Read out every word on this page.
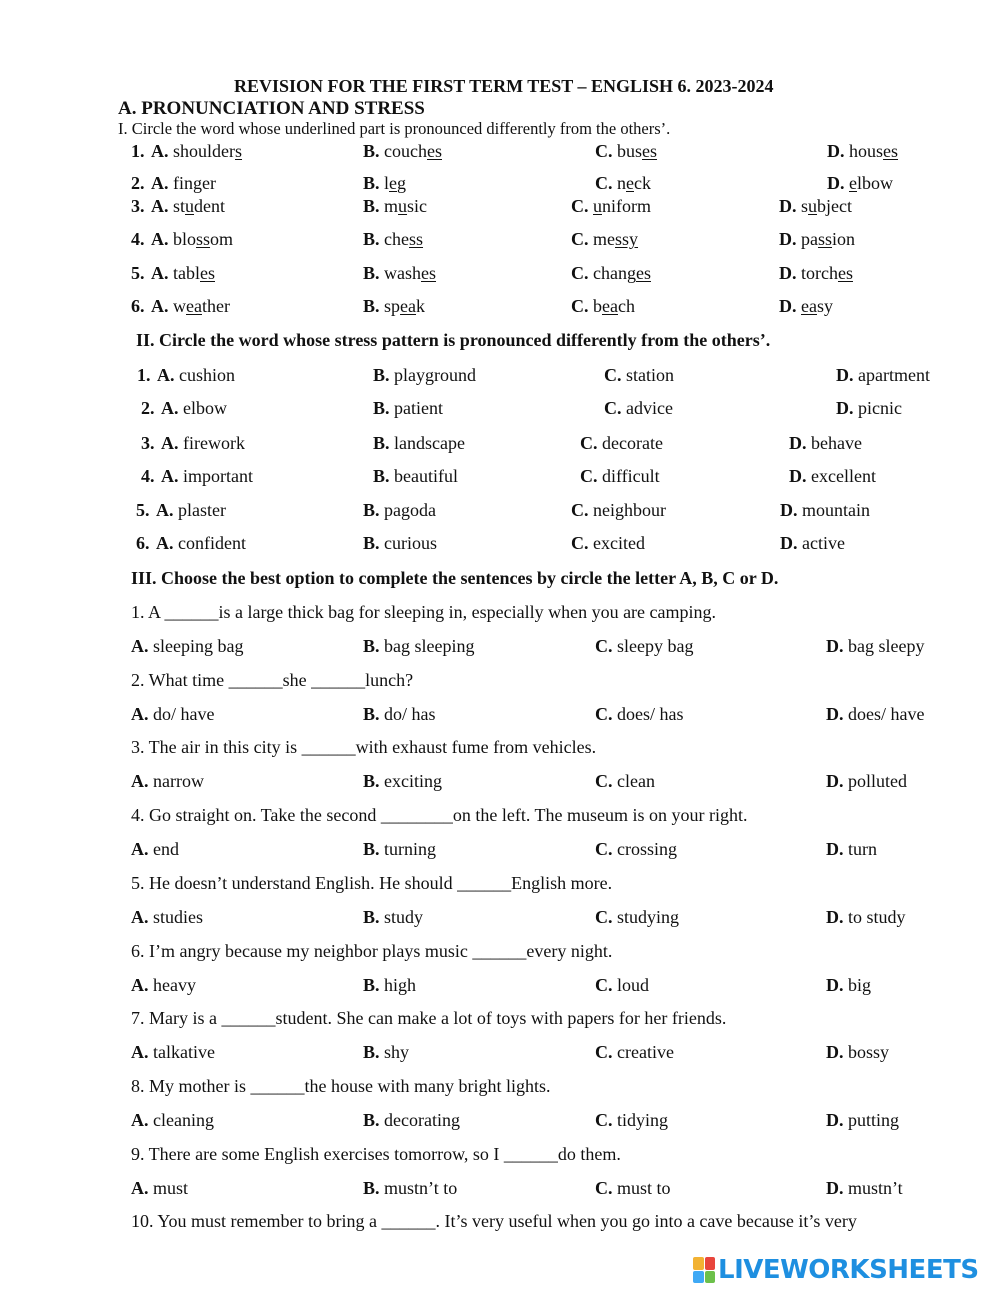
REVISION FOR THE FIRST TERM TEST – ENGLISH 6. 2023-2024
A. PRONUNCIATION AND STRESS
I. Circle the word whose underlined part is pronounced differently from the others’.
1. A. shoulders	B. couches	C. buses	D. houses
2. A. finger	B. leg	C. neck	D. elbow
3. A. student	B. music	C. uniform	D. subject
4. A. blossom	B. chess	C. messy	D. passion
5. A. tables	B. washes	C. changes	D. torches
6. A. weather	B. speak	C. beach	D. easy
II. Circle the word whose stress pattern is pronounced differently from the others’.
1. A. cushion	B. playground	C. station	D. apartment
2. A. elbow	B. patient	C. advice	D. picnic
3. A. firework	B. landscape	C. decorate	D. behave
4. A. important	B. beautiful	C. difficult	D. excellent
5. A. plaster	B. pagoda	C. neighbour	D. mountain
6. A. confident	B. curious	C. excited	D. active
III. Choose the best option to complete the sentences by circle the letter A, B, C or D.
1. A ______is a large thick bag for sleeping in, especially when you are camping.
A. sleeping bag	B. bag sleeping	C. sleepy bag	D. bag sleepy
2. What time ______she ______lunch?
A. do/ have	B. do/ has	C. does/ has	D. does/ have
3. The air in this city is ______with exhaust fume from vehicles.
A. narrow	B. exciting	C. clean	D. polluted
4. Go straight on. Take the second ________on the left. The museum is on your right.
A. end	B. turning	C. crossing	D. turn
5. He doesn’t understand English. He should ______English more.
A. studies	B. study	C. studying	D. to study
6. I’m angry because my neighbor plays music ______every night.
A. heavy	B. high	C. loud	D. big
7. Mary is a ______student. She can make a lot of toys with papers for her friends.
A. talkative	B. shy	C. creative	D. bossy
8. My mother is ______the house with many bright lights.
A. cleaning	B. decorating	C. tidying	D. putting
9. There are some English exercises tomorrow, so I ______do them.
A. must	B. mustn’t to	C. must to	D. mustn’t
10. You must remember to bring a ______. It’s very useful when you go into a cave because it’s very
LIVEWORKSHEETS
